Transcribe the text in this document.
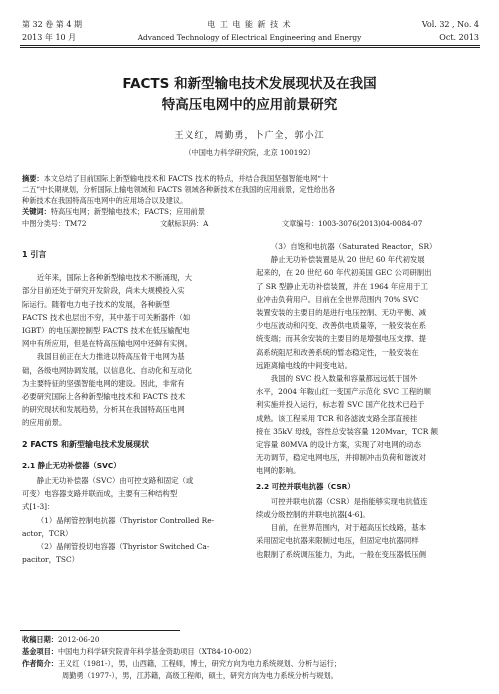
第 32 卷 第 4 期
2013 年 10 月
电 工 电 能 新 技 术
Advanced Technology of Electrical Engineering and Energy
Vol. 32 , No. 4
Oct. 2013
FACTS 和新型输电技术发展现状及在我国
特高压电网中的应用前景研究
王义红，周勤勇，卜广全，郭小江
（中国电力科学研究院，北京 100192）
摘要：本文总结了目前国际上新型输电技术和 FACTS 技术的特点，并结合我国坚强智能电网“十
二五”中长期规划，分析国际上输电领域和 FACTS 领域各种新技术在我国的应用前景，定性给出各
种新技术在我国特高压电网中的应用场合以及建议。
关键词：特高压电网；新型输电技术；FACTS；应用前景
中图分类号：TM72	文献标识码：A	文章编号：1003-3076(2013)04-0084-07
1 引言
近年来，国际上各种新型输电技术不断涌现，大
部分目前还处于研究开发阶段，尚未大规模投入实
际运行。随着电力电子技术的发展，各种新型
FACTS 技术也层出不穷，其中基于可关断器件（如
IGBT）的电压源控制型 FACTS 技术在低压输配电
网中有所应用，但是在特高压输电网中还鲜有实例。
我国目前正在大力推进以特高压骨干电网为基
础，各级电网协调发展，以信息化、自动化和互动化
为主要特征的坚强智能电网的建设。因此，非常有
必要研究国际上各种新型输电技术和 FACTS 技术
的研究现状和发展趋势，分析其在我国特高压电网
的应用前景。
2 FACTS 和新型输电技术发展现状
2.1 静止无功补偿器（SVC）
静止无功补偿器（SVC）由可控支路和固定（或
可变）电容器支路并联而成，主要有三种结构型
式[1-3]：
（1）晶闸管控制电抗器（Thyristor Controlled Re-
actor，TCR）
（2）晶闸管投切电容器（Thyristor Switched Ca-
pacitor，TSC）
（3）自饱和电抗器（Saturated Reactor，SR）
静止无功补偿装置是从 20 世纪 60 年代初发展
起来的，在 20 世纪 60 年代初美国 GEC 公司研制出
了 SR 型静止无功补偿装置，并在 1964 年应用于工
业冲击负荷用户。目前在全世界范围内 70% SVC
装置安装的主要目的是进行电压控制、无功平衡、减
少电压波动和闪变、改善供电质量等，一般安装在系
统变端；而其余安装的主要目的是增强电压支撑、提
高系统阻尼和改善系统的暂态稳定性，一般安装在
远距离输电线的中间变电站。
我国的 SVC 投入数量和容量都远远低于国外
水平，2004 年鞍山红一变国产示范化 SVC 工程的顺
利实施并投入运行，标志着 SVC 国产化技术已趋于
成熟。该工程采用 TCR 和各滤波支路全部直接挂
接在 35kV 母线，容性总安装容量 120Mvar，TCR 额
定容量 80MVA 的设计方案，实现了对电网的动态
无功调节，稳定电网电压，并抑制冲击负荷和谐波对
电网的影响。
2.2 可控并联电抗器（CSR）
可控并联电抗器（CSR）是指能够实现电抗值连
续或分级控制的并联电抗器[4-6]。
目前，在世界范围内，对于超高压长线路，基本
采用固定电抗器来限制过电压，但固定电抗器同样
也限制了系统调压能力，为此，一般在变压器低压侧
收稿日期：2012-06-20
基金项目：中国电力科学研究院青年科学基金资助项目（XT84-10-002）
作者简介：王义红（1981-），男，山西籍，工程师，博士，研究方向为电力系统规划、分析与运行；
周勤勇（1977-），男，江苏籍，高级工程师，硕士，研究方向为电力系统分析与规划。
